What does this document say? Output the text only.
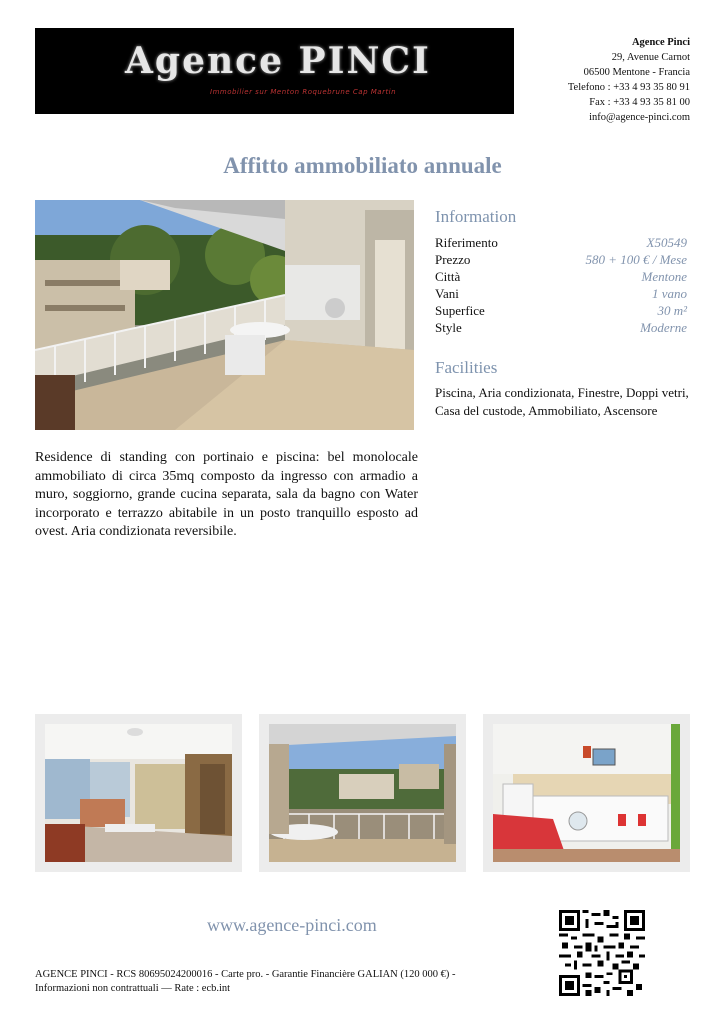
Agence PINCI
Immobilier sur Menton Roquebrune Cap Martin
Agence Pinci
29, Avenue Carnot
06500 Mentone - Francia
Telefono : +33 4 93 35 80 91
Fax : +33 4 93 35 81 00
info@agence-pinci.com
Affitto ammobiliato annuale
Information
Riferimento	X50549
Prezzo	580 + 100 € / Mese
Città	Mentone
Vani	1 vano
Superfice	30 m²
Style	Moderne
Facilities
Piscina, Aria condizionata, Finestre, Doppi vetri, Casa del custode, Ammobiliato, Ascensore
Residence di standing con portinaio e piscina: bel monolocale ammobiliato di circa 35mq composto da ingresso con armadio a muro, soggiorno, grande cucina separata, sala da bagno con Water incorporato e terrazzo abitabile in un posto tranquillo esposto ad ovest. Aria condizionata reversibile.
www.agence-pinci.com
AGENCE PINCI - RCS 80695024200016 - Carte pro. - Garantie Financière GALIAN (120 000 €) -
Informazioni non contrattuali — Rate : ecb.int
